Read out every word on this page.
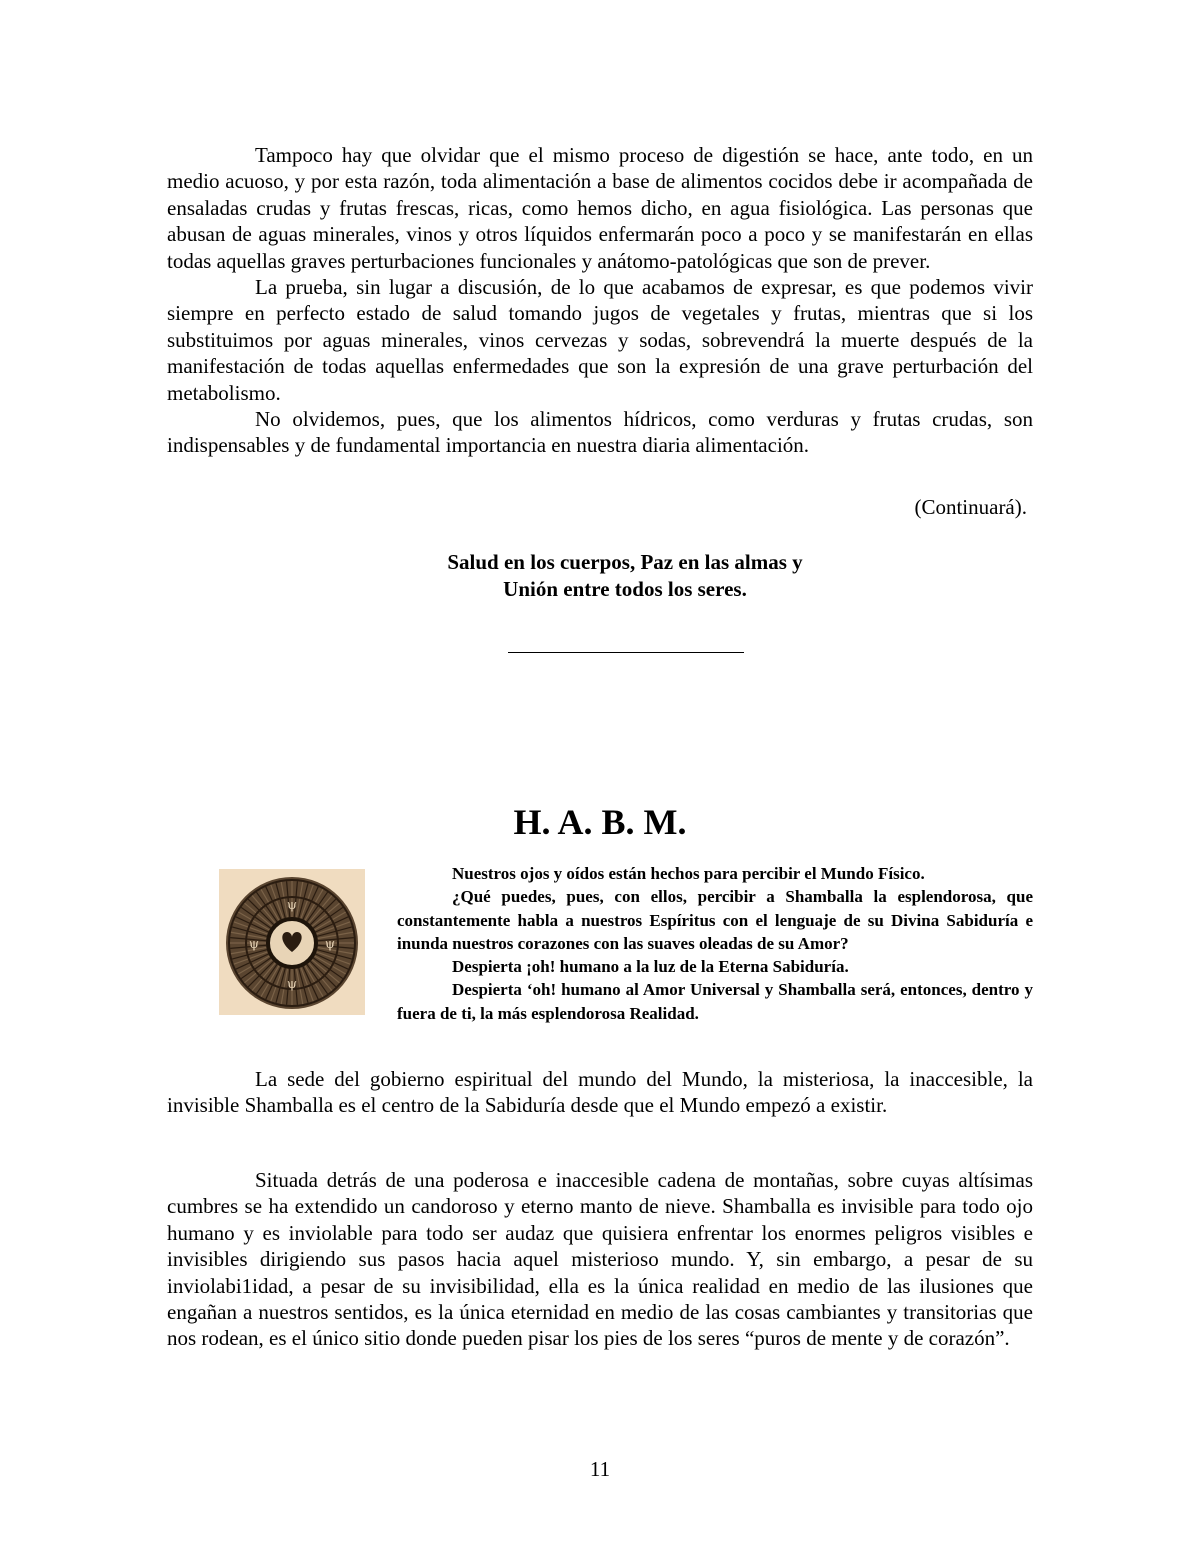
Tampoco hay que olvidar que el mismo proceso de digestión se hace, ante todo, en un medio acuoso, y por esta razón, toda alimentación a base de alimentos cocidos debe ir acompañada de ensaladas crudas y frutas frescas, ricas, como hemos dicho, en agua fisiológica. Las personas que abusan de aguas minerales, vinos y otros líquidos enfermarán poco a poco y se manifestarán en ellas todas aquellas graves perturbaciones funcionales y anátomo-patológicas que son de prever.

La prueba, sin lugar a discusión, de lo que acabamos de expresar, es que podemos vivir siempre en perfecto estado de salud tomando jugos de vegetales y frutas, mientras que si los substituimos por aguas minerales, vinos cervezas y sodas, sobrevendrá la muerte después de la manifestación de todas aquellas enfermedades que son la expresión de una grave perturbación del metabolismo.

No olvidemos, pues, que los alimentos hídricos, como verduras y frutas crudas, son indispensables y de fundamental importancia en nuestra diaria alimentación.

(Continuará).
Salud en los cuerpos, Paz en las almas y
Unión entre todos los seres.
H. A. B. M.
ψ
ψ
ψ	ψ

Nuestros ojos y oídos están hechos para percibir el Mundo Físico.

¿Qué puedes, pues, con ellos, percibir a Shamballa la esplendorosa, que constantemente habla a nuestros Espíritus con el lenguaje de su Divina Sabiduría e inunda nuestros corazones con las suaves oleadas de su Amor?

Despierta ¡oh! humano a la luz de la Eterna Sabiduría.

Despierta ‘oh! humano al Amor Universal y Shamballa será, entonces, dentro y fuera de ti, la más esplendorosa Realidad.

La sede del gobierno espiritual del mundo del Mundo, la misteriosa, la inaccesible, la invisible Shamballa es el centro de la Sabiduría desde que el Mundo empezó a existir.

Situada detrás de una poderosa e inaccesible cadena de montañas, sobre cuyas altísimas cumbres se ha extendido un candoroso y eterno manto de nieve. Shamballa es invisible para todo ojo humano y es inviolable para todo ser audaz que quisiera enfrentar los enormes peligros visibles e invisibles dirigiendo sus pasos hacia aquel misterioso mundo. Y, sin embargo, a pesar de su inviolabi1idad, a pesar de su invisibilidad, ella es la única realidad en medio de las ilusiones que engañan a nuestros sentidos, es la única eternidad en medio de las cosas cambiantes y transitorias que nos rodean, es el único sitio donde pueden pisar los pies de los seres “puros de mente y de corazón”.

11
